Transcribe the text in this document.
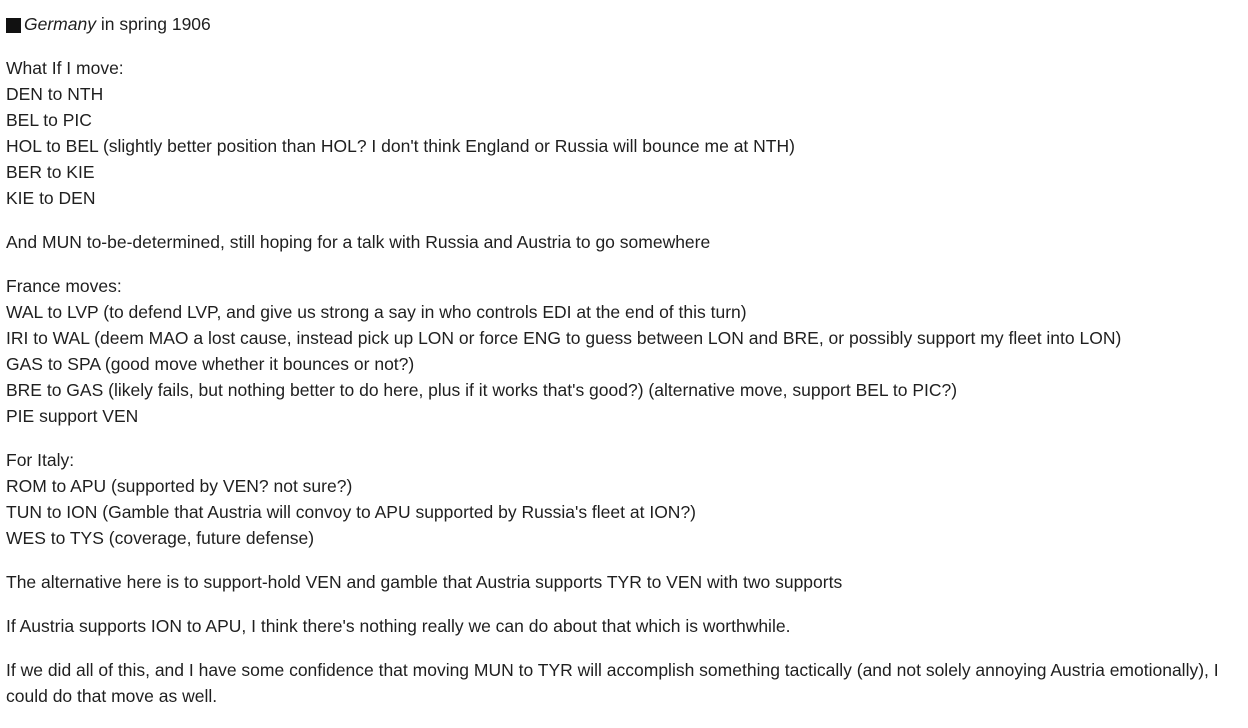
Germany in spring 1906
What If I move:
DEN to NTH
BEL to PIC
HOL to BEL (slightly better position than HOL? I don't think England or Russia will bounce me at NTH)
BER to KIE
KIE to DEN
And MUN to-be-determined, still hoping for a talk with Russia and Austria to go somewhere
France moves:
WAL to LVP (to defend LVP, and give us strong a say in who controls EDI at the end of this turn)
IRI to WAL (deem MAO a lost cause, instead pick up LON or force ENG to guess between LON and BRE, or possibly support my fleet into LON)
GAS to SPA (good move whether it bounces or not?)
BRE to GAS (likely fails, but nothing better to do here, plus if it works that's good?) (alternative move, support BEL to PIC?)
PIE support VEN
For Italy:
ROM to APU (supported by VEN? not sure?)
TUN to ION (Gamble that Austria will convoy to APU supported by Russia's fleet at ION?)
WES to TYS (coverage, future defense)
The alternative here is to support-hold VEN and gamble that Austria supports TYR to VEN with two supports
If Austria supports ION to APU, I think there's nothing really we can do about that which is worthwhile.
If we did all of this, and I have some confidence that moving MUN to TYR will accomplish something tactically (and not solely annoying Austria emotionally), I could do that move as well.
